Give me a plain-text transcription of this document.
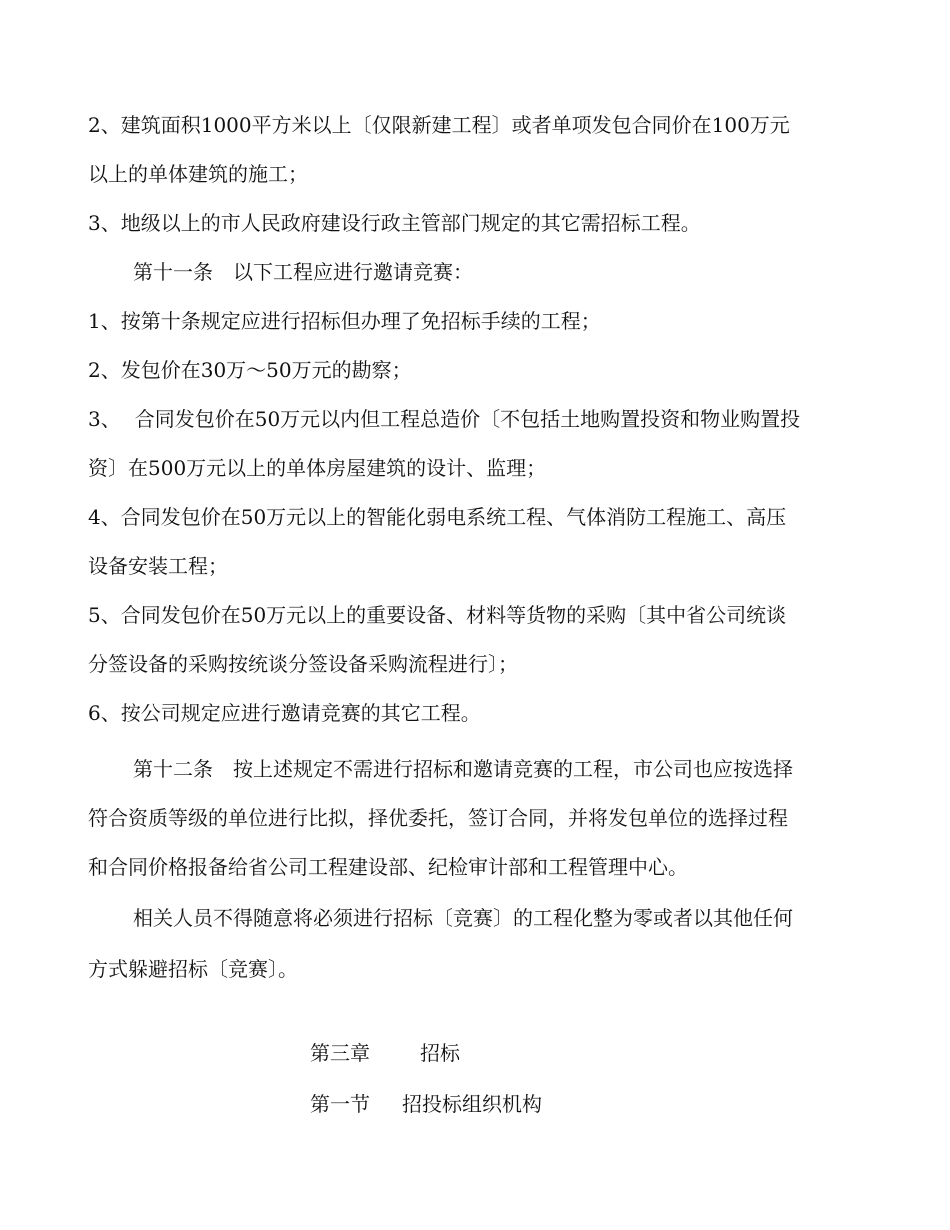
2、建筑面积1000平方米以上〔仅限新建工程〕或者单项发包合同价在100万元
以上的单体建筑的施工；
3、地级以上的市人民政府建设行政主管部门规定的其它需招标工程。
第十一条　以下工程应进行邀请竞赛：
1、按第十条规定应进行招标但办理了免招标手续的工程；
2、发包价在30万～50万元的勘察；
3、 合同发包价在50万元以内但工程总造价〔不包括土地购置投资和物业购置投
资〕在500万元以上的单体房屋建筑的设计、监理；
4、合同发包价在50万元以上的智能化弱电系统工程、气体消防工程施工、高压
设备安装工程；
5、合同发包价在50万元以上的重要设备、材料等货物的采购〔其中省公司统谈
分签设备的采购按统谈分签设备采购流程进行〕；
6、按公司规定应进行邀请竞赛的其它工程。
第十二条　按上述规定不需进行招标和邀请竞赛的工程，市公司也应按选择
符合资质等级的单位进行比拟，择优委托，签订合同，并将发包单位的选择过程
和合同价格报备给省公司工程建设部、纪检审计部和工程管理中心。
相关人员不得随意将必须进行招标〔竞赛〕的工程化整为零或者以其他任何
方式躲避招标〔竞赛〕。
第三章	招标
第一节 招投标组织机构
